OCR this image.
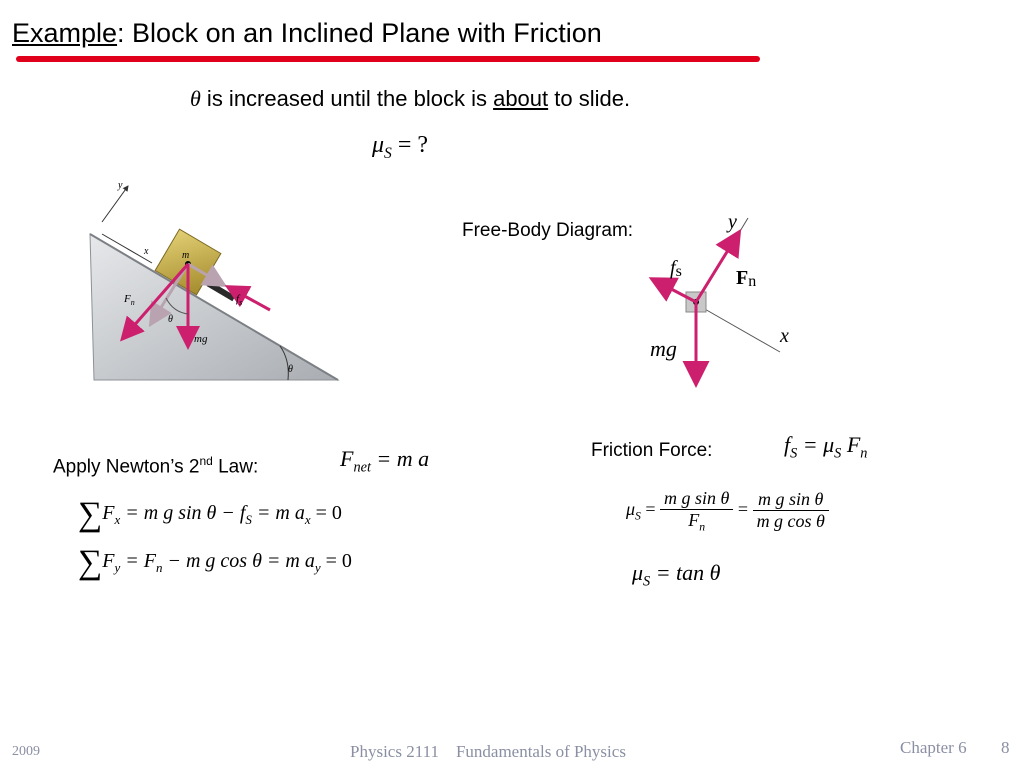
Example: Block on an Inclined Plane with Friction
θ is increased until the block is about to slide.
$\mu_S$ = ?
y
x	m
θ
θ
$F_n$	$f_s$
mg
Free-Body Diagram:	y
x
fs	Fn
mg
Apply Newton’s 2nd Law:	$F_{net} = m$ a
$\sum F_x = m$ g $\sin \theta - f_S = m$ $a_x = 0$
$\sum F_y = F_n - m$ g cos θ = m $a_y = 0$
Friction Force:	$f_S = \mu_S$ $F_n$
$\mu_S = \frac{\text{m g sin θ}}{F_n} = \frac{\text{m g sin θ}}{\text{m g cos θ}}$
$\mu_S = \tan \theta$
2009	Physics 2111    Fundamentals of Physics	Chapter 6 8
